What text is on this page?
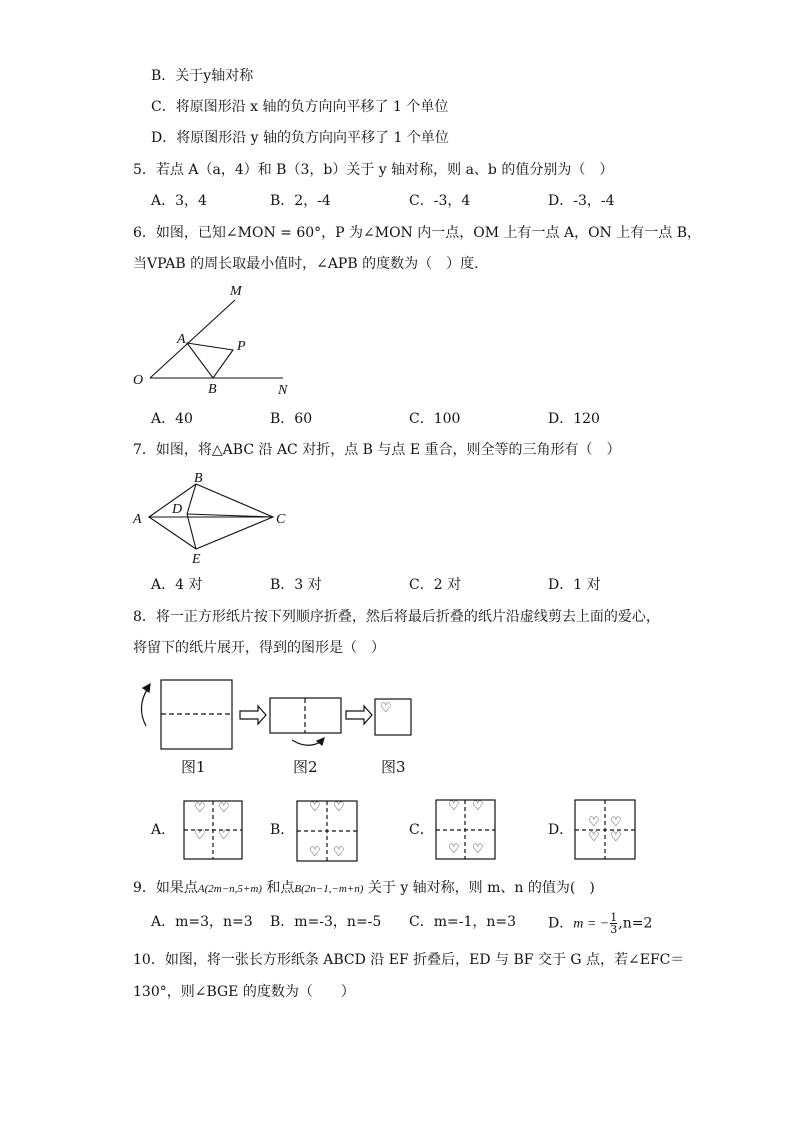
B．关于y轴对称
C．将原图形沿 x 轴的负方向向平移了 1 个单位
D．将原图形沿 y 轴的负方向向平移了 1 个单位
5．若点 A（a，4）和 B（3，b）关于 y 轴对称，则 a、b 的值分别为（　）
A．3，4	B．2，-4	C．-3，4	D．-3，-4
6．如图，已知∠MON = 60°，P 为∠MON 内一点，OM 上有一点 A，ON 上有一点 B，
当VPAB 的周长取最小值时，∠APB 的度数为（　）度．
M
A	P
O
B	N
A．40	B．60	C．100	D．120
7．如图，将△ABC 沿 AC 对折，点 B 与点 E 重合，则全等的三角形有（　）
A
B
C
D
E
A．4 对	B．3 对	C．2 对	D．1 对
8．将一正方形纸片按下列顺序折叠，然后将最后折叠的纸片沿虚线剪去上面的爱心，
将留下的纸片展开，得到的图形是（　）
♡
图1	图2	图3
A．	B．	C．	D．
♡ ♡
♡ ♡
♡ ♡
♡ ♡
♡ ♡
♡ ♡
♡ ♡
♡ ♡
9．如果点A(2m−n,5+m) 和点B(2n−1,−m+n) 关于 y 轴对称，则 m、n 的值为(　)
A．m=3，n=3 B．m=-3，n=-5 C．m=-1，n=3 D．m = − $\frac{1}{3} ,n=2$
10．如图，将一张长方形纸条 ABCD 沿 EF 折叠后，ED 与 BF 交于 G 点，若∠EFC＝
130°，则∠BGE 的度数为（　　）
